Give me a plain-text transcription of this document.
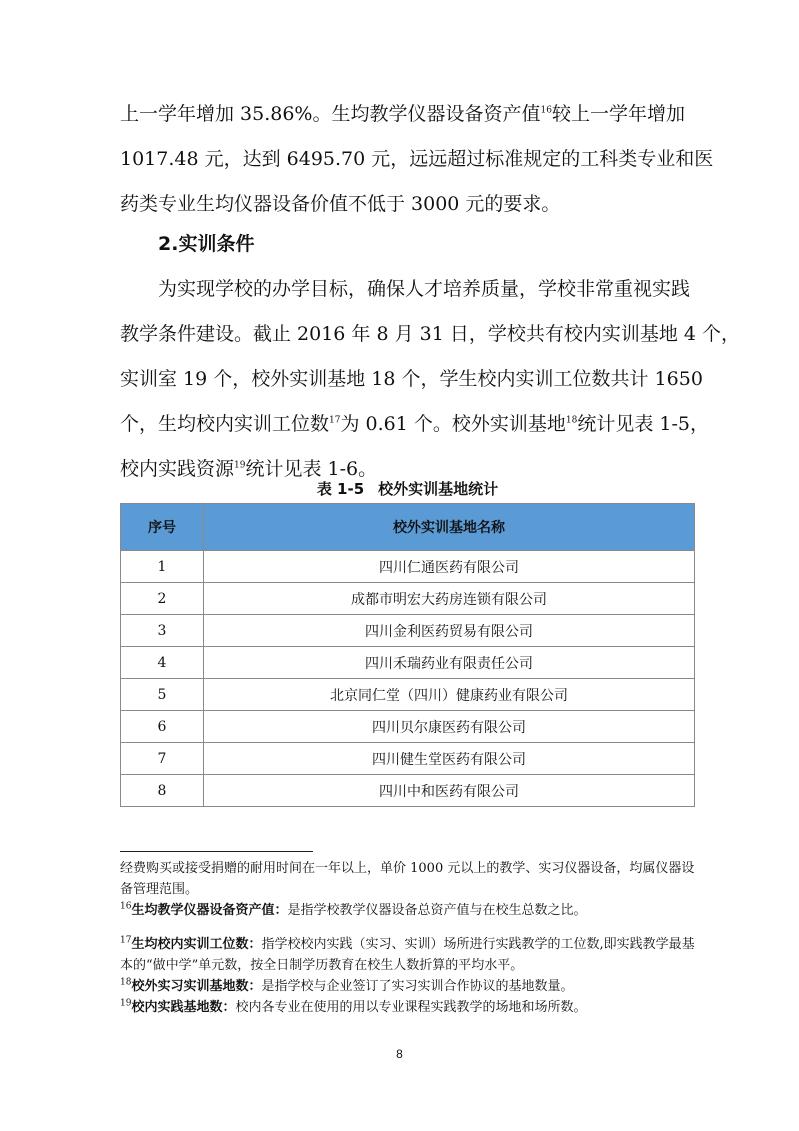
上一学年增加 35.86%。生均教学仪器设备资产值$^{16}$较上一学年增加
1017.48 元，达到 6495.70 元，远远超过标准规定的工科类专业和医
药类专业生均仪器设备价值不低于 3000 元的要求。

2.实训条件

为实现学校的办学目标，确保人才培养质量，学校非常重视实践
教学条件建设。截止 2016 年 8 月 31 日，学校共有校内实训基地 4 个，
实训室 19 个，校外实训基地 18 个，学生校内实训工位数共计 1650
个，生均校内实训工位数$^{17}$为 0.61 个。校外实训基地$^{18}$统计见表 1-5，
校内实践资源$^{19}$统计见表 1-6。

表 1-5 校外实训基地统计
序号	校外实训基地名称
1	四川仁通医药有限公司
2	成都市明宏大药房连锁有限公司
3	四川金利医药贸易有限公司
4	四川禾瑞药业有限责任公司
5	北京同仁堂（四川）健康药业有限公司
6	四川贝尔康医药有限公司
7	四川健生堂医药有限公司
8	四川中和医药有限公司

经费购买或接受捐赠的耐用时间在一年以上，单价 1000 元以上的教学、实习仪器设备，均属仪器设备管理范围。

$^{16}$生均教学仪器设备资产值：是指学校教学仪器设备总资产值与在校生总数之比。

$^{17}$生均校内实训工位数：指学校校内实践（实习、实训）场所进行实践教学的工位数,即实践教学最基本的“做中学”单元数，按全日制学历教育在校生人数折算的平均水平。

$^{18}$校外实习实训基地数：是指学校与企业签订了实习实训合作协议的基地数量。

$^{19}$校内实践基地数：校内各专业在使用的用以专业课程实践教学的场地和场所数。

8
